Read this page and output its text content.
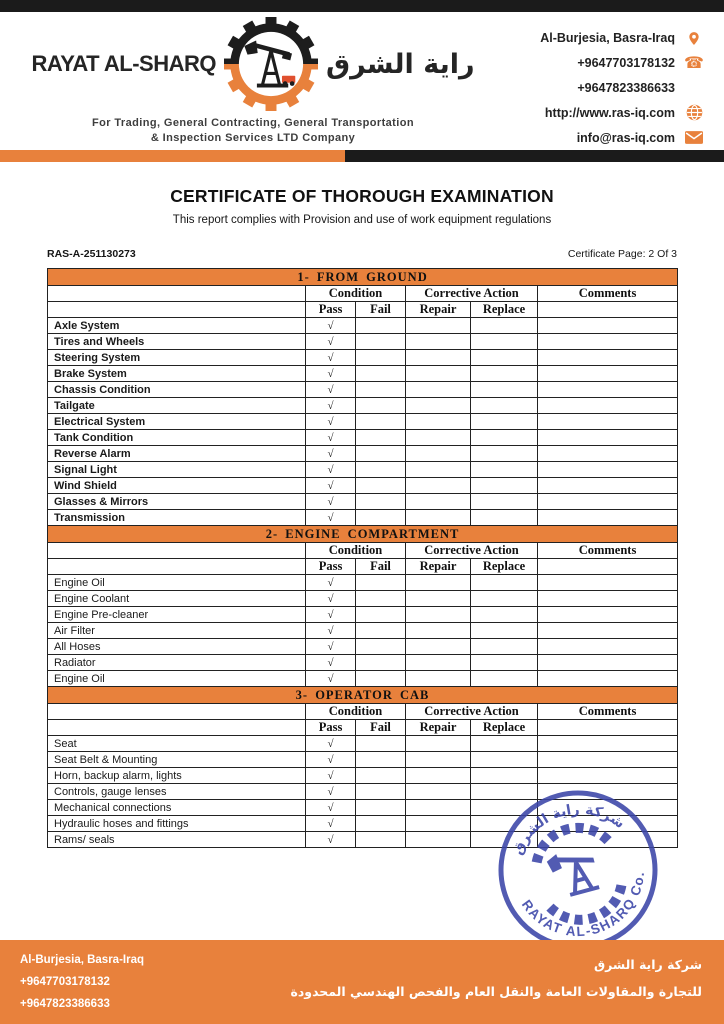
RAYAT AL-SHARQ	راية الشرق
For Trading, General Contracting, General Transportation
& Inspection Services LTD Company
Al-Burjesia, Basra-Iraq
+9647703178132 ☎
+9647823386633
http://www.ras-iq.com
info@ras-iq.com
CERTIFICATE OF THOROUGH EXAMINATION

This report complies with Provision and use of work equipment regulations

RAS-A-251130273	Certificate Page: 2 Of 3
1- FROM GROUND					
	Condition		Corrective Action		Comments
	Pass	Fail	Repair	Replace	
Axle System	√				
Tires and Wheels	√				
Steering System	√				
Brake System	√				
Chassis Condition	√				
Tailgate	√				
Electrical System	√				
Tank Condition	√				
Reverse Alarm	√				
Signal Light	√				
Wind Shield	√				
Glasses & Mirrors	√				
Transmission	√				
2- ENGINE COMPARTMENT					
	Condition		Corrective Action		Comments
	Pass	Fail	Repair	Replace	
Engine Oil	√				
Engine Coolant	√				
Engine Pre-cleaner	√				
Air Filter	√				
All Hoses	√				
Radiator	√				
Engine Oil	√				
3- OPERATOR CAB					
	Condition		Corrective Action		Comments
	Pass	Fail	Repair	Replace	
Seat	√				
Seat Belt & Mounting	√				
Horn, backup alarm, lights	√				
Controls, gauge lenses	√				
Mechanical connections	√				
Hydraulic hoses and fittings	√				
Rams/ seals	√					شركة راية الشرق
RAYAT AL-SHARQ Co.
Al-Burjesia, Basra-Iraq
+9647703178132
+9647823386633
شركة راية الشرق
للتجارة والمقاولات العامة والنقل العام والفحص الهندسي المحدودة
